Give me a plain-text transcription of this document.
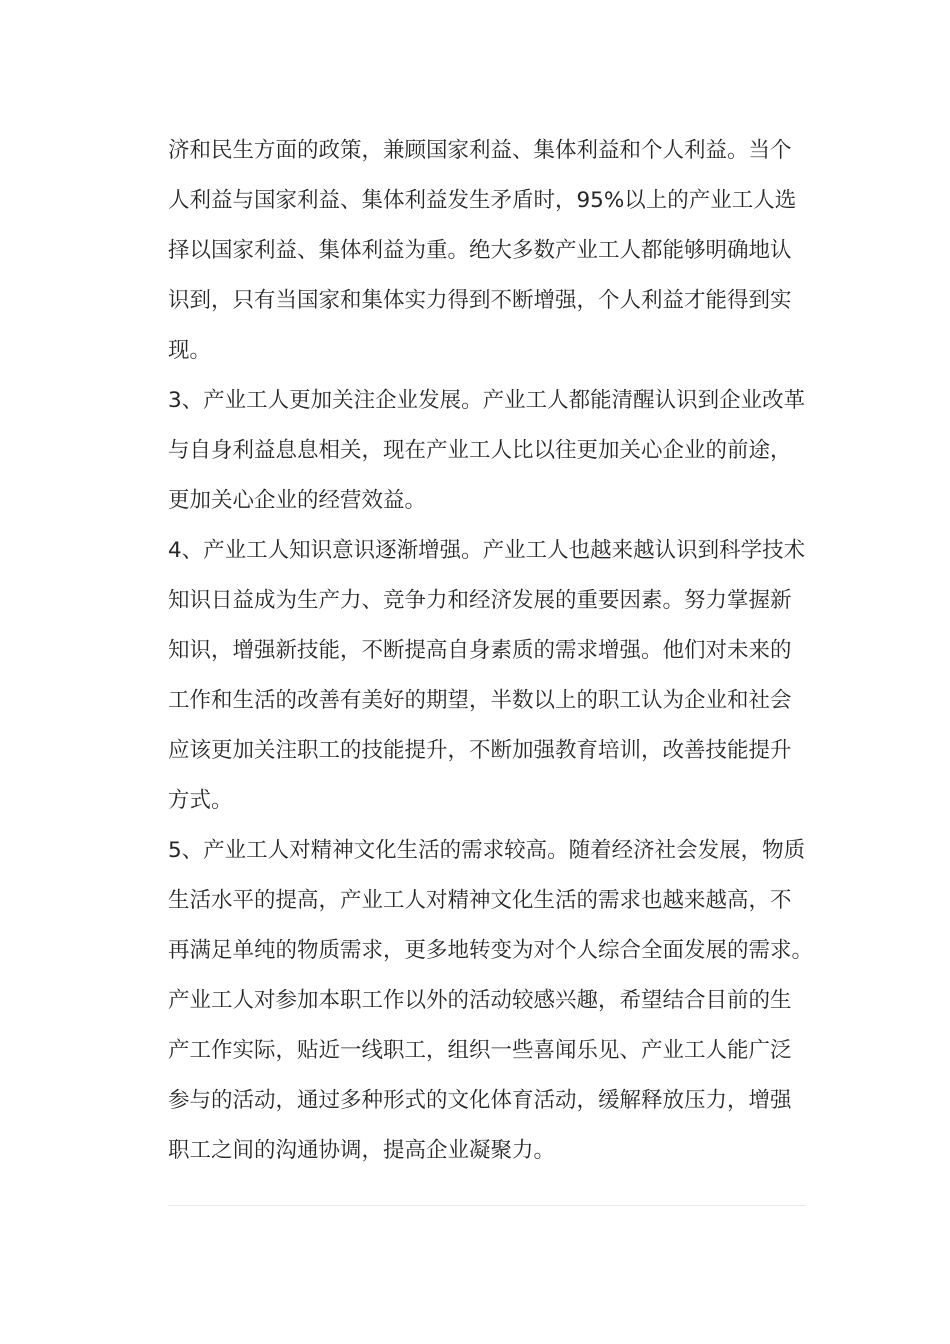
济和民生方面的政策，兼顾国家利益、集体利益和个人利益。当个
人利益与国家利益、集体利益发生矛盾时，95%以上的产业工人选
择以国家利益、集体利益为重。绝大多数产业工人都能够明确地认
识到，只有当国家和集体实力得到不断增强，个人利益才能得到实
现。
3、产业工人更加关注企业发展。产业工人都能清醒认识到企业改革
与自身利益息息相关，现在产业工人比以往更加关心企业的前途，
更加关心企业的经营效益。
4、产业工人知识意识逐渐增强。产业工人也越来越认识到科学技术
知识日益成为生产力、竞争力和经济发展的重要因素。努力掌握新
知识，增强新技能，不断提高自身素质的需求增强。他们对未来的
工作和生活的改善有美好的期望，半数以上的职工认为企业和社会
应该更加关注职工的技能提升，不断加强教育培训，改善技能提升
方式。
5、产业工人对精神文化生活的需求较高。随着经济社会发展，物质
生活水平的提高，产业工人对精神文化生活的需求也越来越高，不
再满足单纯的物质需求，更多地转变为对个人综合全面发展的需求。
产业工人对参加本职工作以外的活动较感兴趣，希望结合目前的生
产工作实际，贴近一线职工，组织一些喜闻乐见、产业工人能广泛
参与的活动，通过多种形式的文化体育活动，缓解释放压力，增强
职工之间的沟通协调，提高企业凝聚力。
